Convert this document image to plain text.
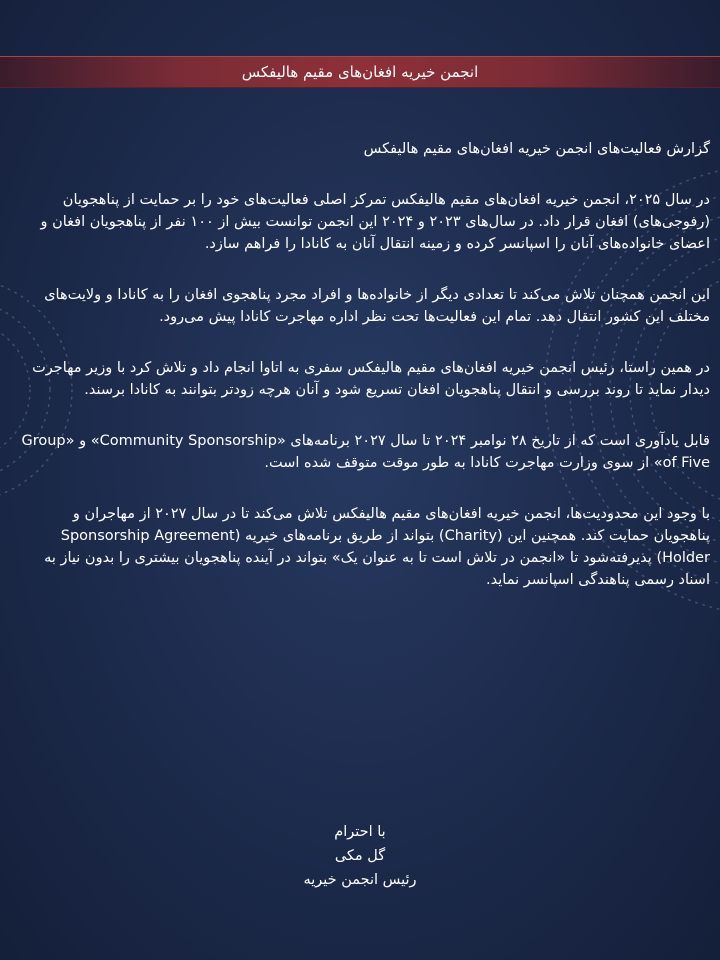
انجمن خیریه افغان‌های مقیم هالیفکس
گزارش فعالیت‌های انجمن خیریه افغان‌های مقیم هالیفکس
در سال ۲۰۲۵، انجمن خیریه افغان‌های مقیم هالیفکس تمرکز اصلی فعالیت‌های خود را بر حمایت از پناهجویان (رفوجی‌های) افغان قرار داد. در سال‌های ۲۰۲۳ و ۲۰۲۴ این انجمن توانست بیش از ۱۰۰ نفر از پناهجویان افغان و اعضای خانواده‌های آنان را اسپانسر کرده و زمینه انتقال آنان به کانادا را فراهم سازد.
این انجمن همچنان تلاش می‌کند تا تعدادی دیگر از خانواده‌ها و افراد مجرد پناهجوی افغان را به کانادا و ولایت‌های مختلف این کشور انتقال دهد. تمام این فعالیت‌ها تحت نظر اداره مهاجرت کانادا پیش می‌رود.
در همین راستا، رئیس انجمن خیریه افغان‌های مقیم هالیفکس سفری به اتاوا انجام داد و تلاش کرد با وزیر مهاجرت دیدار نماید تا روند بررسی و انتقال پناهجویان افغان تسریع شود و آنان هرچه زودتر بتوانند به کانادا برسند.
قابل یادآوری است که از تاریخ ۲۸ نوامبر ۲۰۲۴ تا سال ۲۰۲۷ برنامه‌های «Community Sponsorship» و «Group of Five» از سوی وزارت مهاجرت کانادا به طور موقت متوقف شده است.
با وجود این محدودیت‌ها، انجمن خیریه افغان‌های مقیم هالیفکس تلاش می‌کند تا در سال ۲۰۲۷ از مهاجران و پناهجویان حمایت کند. همچنین این (Charity) بتواند از طریق برنامه‌های خیریه (Sponsorship Agreement Holder) پذیرفته‌شود تا «انجمن در تلاش است تا به عنوان یک» بتواند در آینده پناهجویان بیشتری را بدون نیاز به اسناد رسمی پناهندگی اسپانسر نماید.
با احترام
گل مکی
رئیس انجمن خیریه
